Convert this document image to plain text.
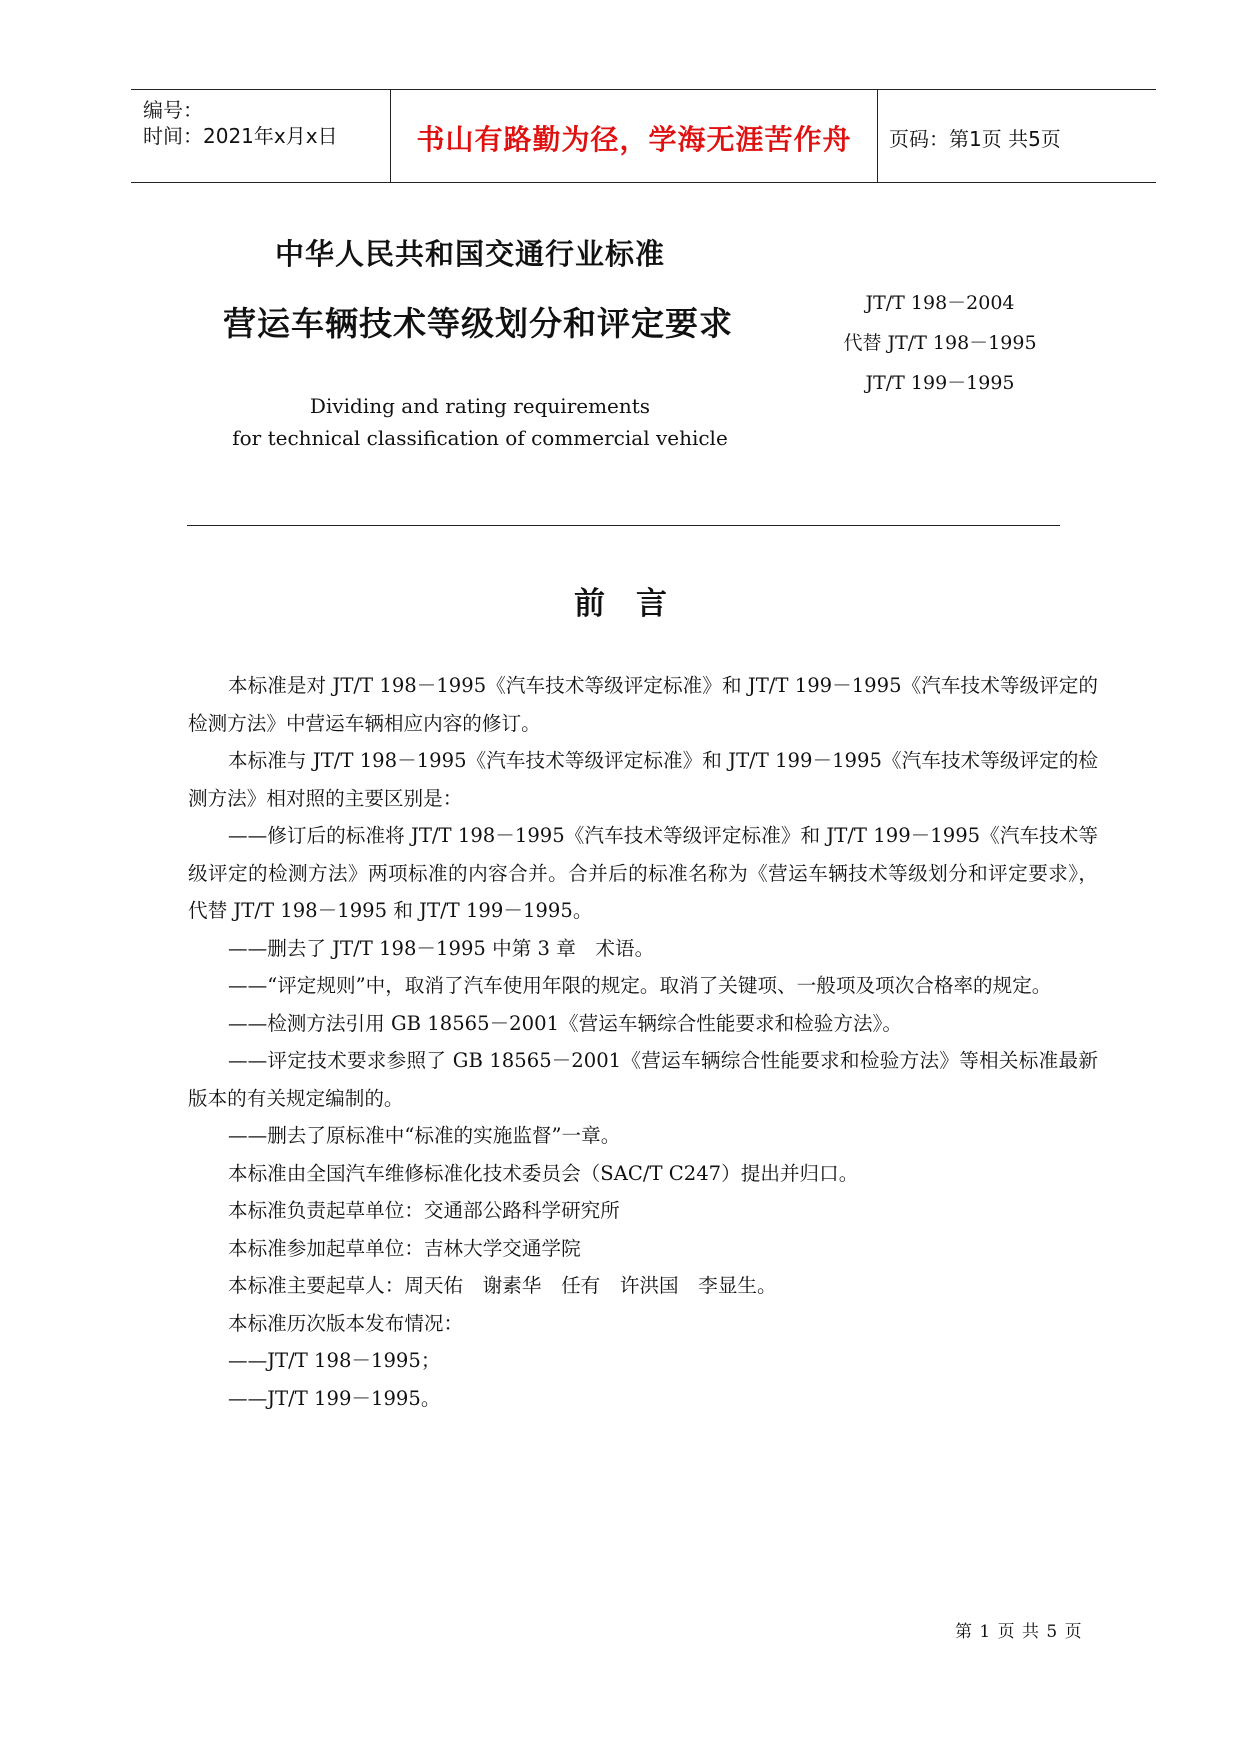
编号：
时间：2021年x月x日	书山有路勤为径，学海无涯苦作舟	页码：第1页 共5页
中华人民共和国交通行业标准
营运车辆技术等级划分和评定要求
JT/T 198－2004
代替 JT/T 198－1995
JT/T 199－1995
Dividing and rating requirements
for technical classification of commercial vehicle
前　言

本标准是对 JT/T 198－1995《汽车技术等级评定标准》和 JT/T 199－1995《汽车技术等级评定的检测方法》中营运车辆相应内容的修订。

本标准与 JT/T 198－1995《汽车技术等级评定标准》和 JT/T 199－1995《汽车技术等级评定的检测方法》相对照的主要区别是：

——修订后的标准将 JT/T 198－1995《汽车技术等级评定标准》和 JT/T 199－1995《汽车技术等级评定的检测方法》两项标准的内容合并。合并后的标准名称为《营运车辆技术等级划分和评定要求》，代替 JT/T 198－1995 和 JT/T 199－1995。

——删去了 JT/T 198－1995 中第 3 章　术语。

——“评定规则”中，取消了汽车使用年限的规定。取消了关键项、一般项及项次合格率的规定。

——检测方法引用 GB 18565－2001《营运车辆综合性能要求和检验方法》。

——评定技术要求参照了 GB 18565－2001《营运车辆综合性能要求和检验方法》等相关标准最新版本的有关规定编制的。

——删去了原标准中“标准的实施监督”一章。

本标准由全国汽车维修标准化技术委员会（SAC/T C247）提出并归口。

本标准负责起草单位：交通部公路科学研究所

本标准参加起草单位：吉林大学交通学院

本标准主要起草人：周天佑　谢素华　任有　许洪国　李显生。

本标准历次版本发布情况：

——JT/T 198－1995；

——JT/T 199－1995。

第 1 页 共 5 页
